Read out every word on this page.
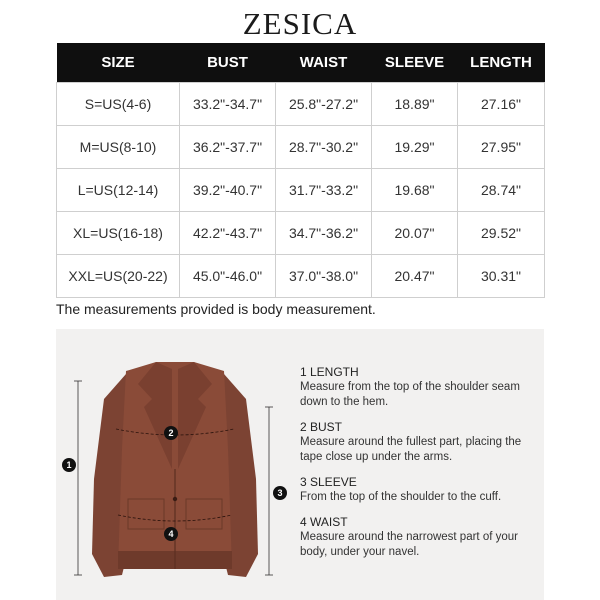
ZESICA
SIZE	BUST	WAIST	SLEEVE	LENGTH
S=US(4-6)	33.2"-34.7"	25.8"-27.2"	18.89"	27.16"
M=US(8-10)	36.2"-37.7"	28.7"-30.2"	19.29"	27.95"
L=US(12-14)	39.2"-40.7"	31.7"-33.2"	19.68"	28.74"
XL=US(16-18)	42.2"-43.7"	34.7"-36.2"	20.07"	29.52"
XXL=US(20-22)	45.0"-46.0"	37.0"-38.0"	20.47"	30.31"
The measurements provided is body measurement.
1
2
3
4
1 LENGTH
Measure from the top of the shoulder seam down to the hem.
2 BUST
Measure around the fullest part, placing the tape close up under the arms.
3 SLEEVE
From the top of the shoulder to the cuff.
4 WAIST
Measure around the narrowest part of your body, under your navel.
